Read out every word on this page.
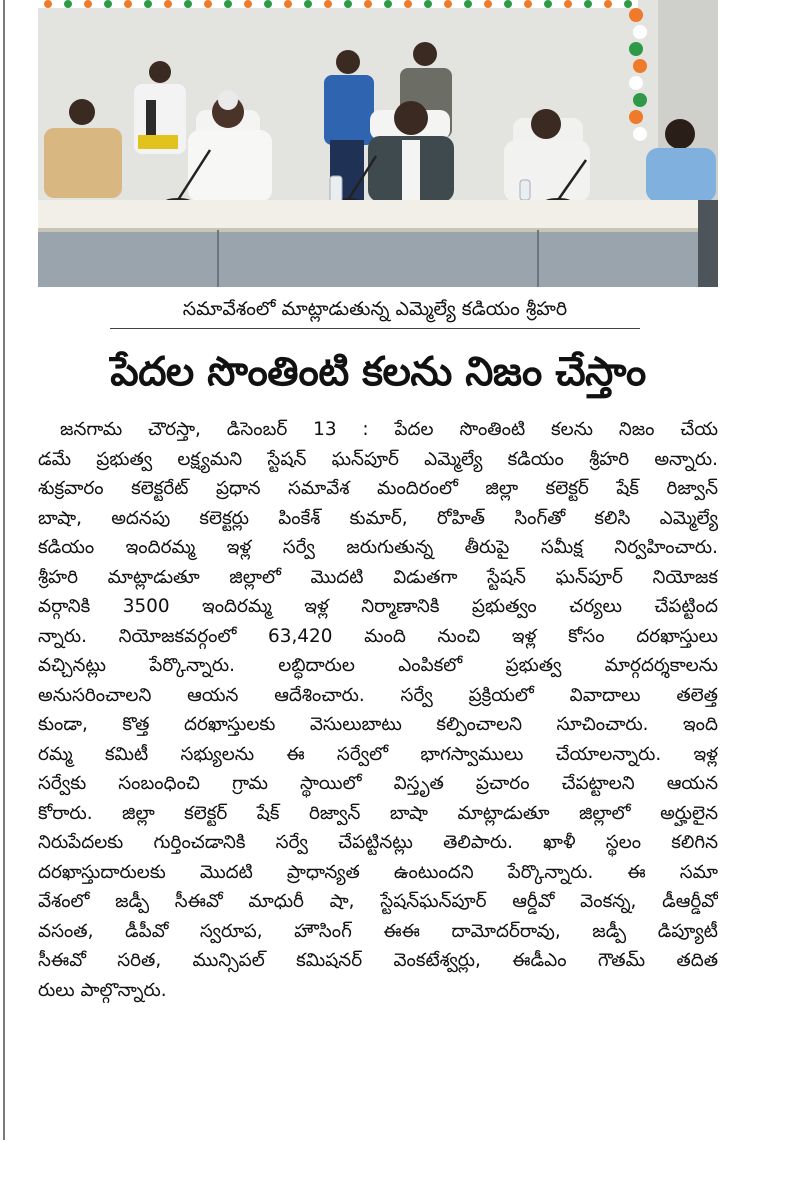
సమావేశంలో మాట్లాడుతున్న ఎమ్మెల్యే కడియం శ్రీహరి
పేదల సొంతింటి కలను నిజం చేస్తాం
జనగామ చౌరస్తా, డిసెంబర్ 13 : పేదల సొంతింటి కలను నిజం చేయ
డమే ప్రభుత్వ లక్ష్యమని స్టేషన్ ఘన్‌పూర్ ఎమ్మెల్యే కడియం శ్రీహరి అన్నారు.
శుక్రవారం కలెక్టరేట్ ప్రధాన సమావేశ మందిరంలో జిల్లా కలెక్టర్ షేక్ రిజ్వాన్
బాషా, అదనపు కలెక్టర్లు పింకేశ్ కుమార్, రోహిత్ సింగ్‌తో కలిసి ఎమ్మెల్యే
కడియం ఇందిరమ్మ ఇళ్ల సర్వే జరుగుతున్న తీరుపై సమీక్ష నిర్వహించారు.
శ్రీహరి మాట్లాడుతూ జిల్లాలో మొదటి విడుతగా స్టేషన్ ఘన్‌పూర్ నియోజక
వర్గానికి 3500 ఇందిరమ్మ ఇళ్ల నిర్మాణానికి ప్రభుత్వం చర్యలు చేపట్టింద
న్నారు. నియోజకవర్గంలో 63,420 మంది నుంచి ఇళ్ల కోసం దరఖాస్తులు
వచ్చినట్లు పేర్కొన్నారు. లబ్ధిదారుల ఎంపికలో ప్రభుత్వ మార్గదర్శకాలను
అనుసరించాలని ఆయన ఆదేశించారు. సర్వే ప్రక్రియలో వివాదాలు తలెత్త
కుండా, కొత్త దరఖాస్తులకు వెసులుబాటు కల్పించాలని సూచించారు. ఇంది
రమ్మ కమిటీ సభ్యులను ఈ సర్వేలో భాగస్వాములు చేయాలన్నారు. ఇళ్ల
సర్వేకు సంబంధించి గ్రామ స్థాయిలో విస్తృత ప్రచారం చేపట్టాలని ఆయన
కోరారు. జిల్లా కలెక్టర్ షేక్ రిజ్వాన్ బాషా మాట్లాడుతూ జిల్లాలో అర్హులైన
నిరుపేదలకు గుర్తించడానికి సర్వే చేపట్టినట్లు తెలిపారు. ఖాళీ స్థలం కలిగిన
దరఖాస్తుదారులకు మొదటి ప్రాధాన్యత ఉంటుందని పేర్కొన్నారు. ఈ సమా
వేశంలో జడ్పీ సీఈవో మాధురీ షా, స్టేషన్‌ఘన్‌పూర్ ఆర్డీవో వెంకన్న, డీఆర్డీవో
వసంత, డీపీవో స్వరూప, హౌసింగ్ ఈఈ దామోదర్‌రావు, జడ్పీ డిప్యూటీ
సీఈవో సరిత, మున్సిపల్ కమిషనర్ వెంకటేశ్వర్లు, ఈడీఎం గౌతమ్ తదిత
రులు పాల్గొన్నారు.
